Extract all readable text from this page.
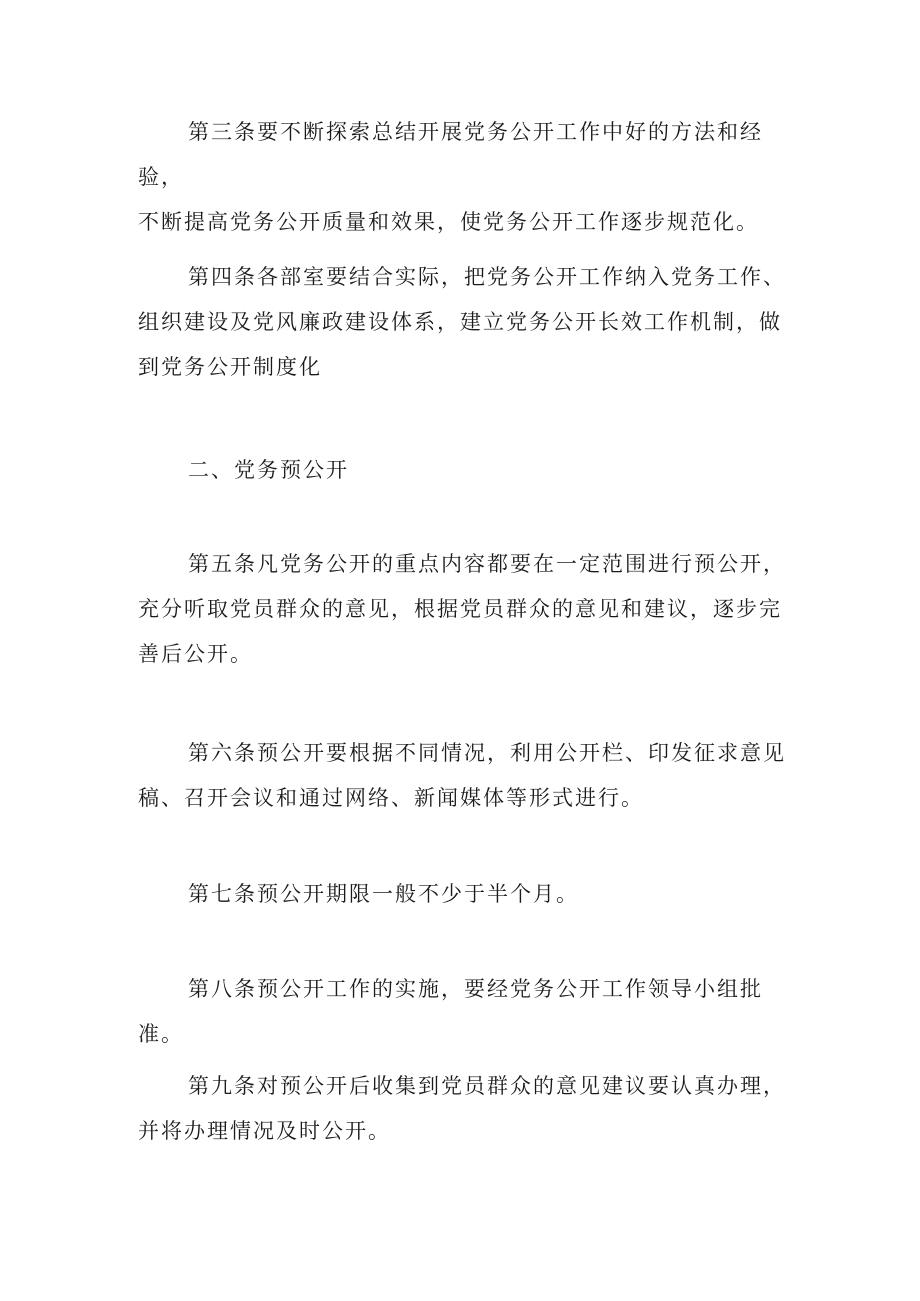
第三条要不断探索总结开展党务公开工作中好的方法和经验，
不断提高党务公开质量和效果，使党务公开工作逐步规范化。
第四条各部室要结合实际，把党务公开工作纳入党务工作、
组织建设及党风廉政建设体系，建立党务公开长效工作机制，做
到党务公开制度化
二、党务预公开
第五条凡党务公开的重点内容都要在一定范围进行预公开，
充分听取党员群众的意见，根据党员群众的意见和建议，逐步完
善后公开。
第六条预公开要根据不同情况，利用公开栏、印发征求意见
稿、召开会议和通过网络、新闻媒体等形式进行。
第七条预公开期限一般不少于半个月。
第八条预公开工作的实施，要经党务公开工作领导小组批准。
第九条对预公开后收集到党员群众的意见建议要认真办理，
并将办理情况及时公开。
